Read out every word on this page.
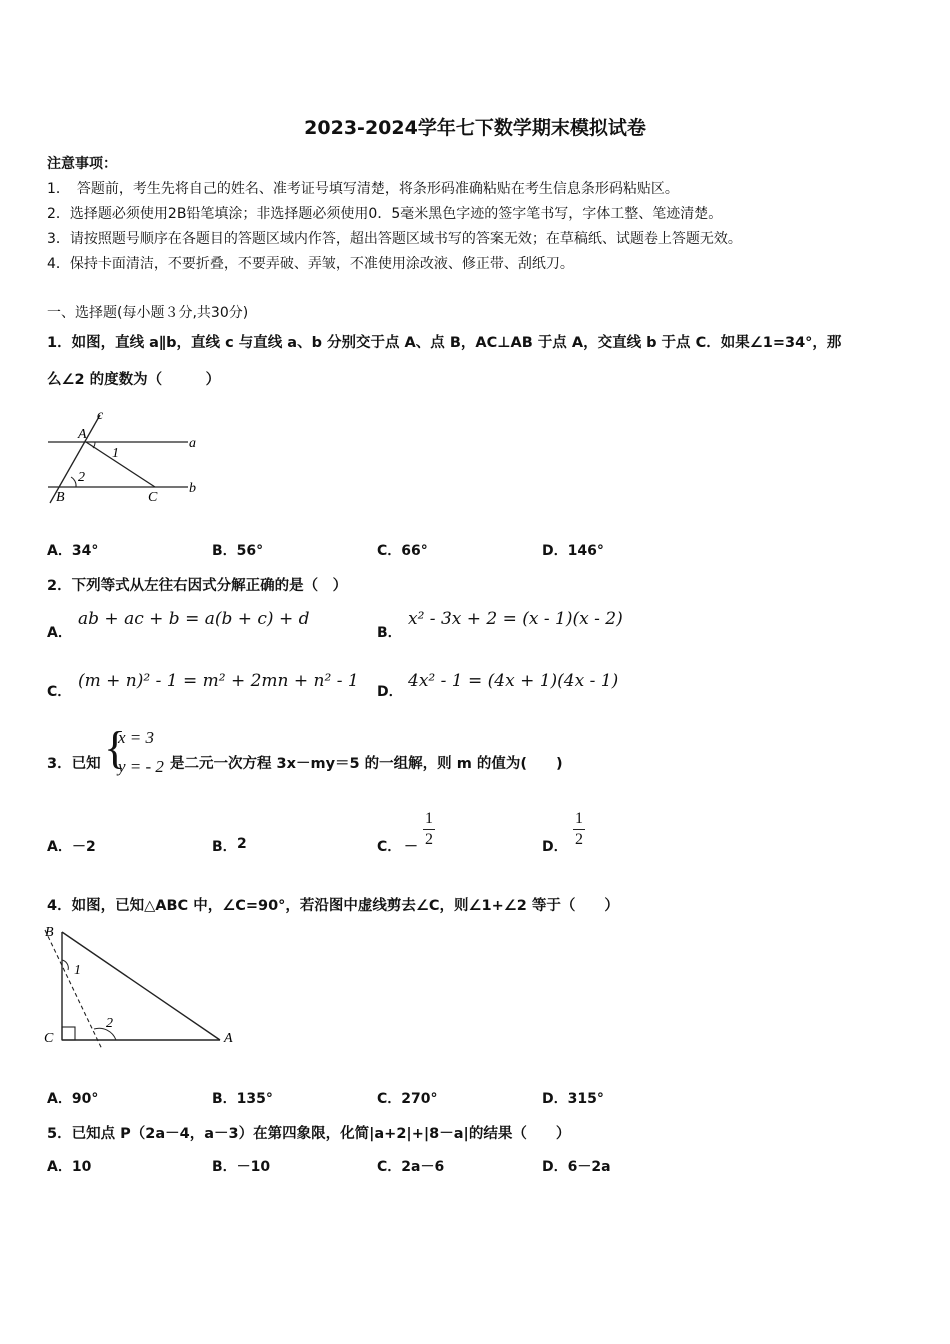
2023-2024学年七下数学期末模拟试卷
注意事项：
1．　答题前，考生先将自己的姓名、准考证号填写清楚，将条形码准确粘贴在考生信息条形码粘贴区。
2．选择题必须使用2B铅笔填涂；非选择题必须使用0．5毫米黑色字迹的签字笔书写，字体工整、笔迹清楚。
3．请按照题号顺序在各题目的答题区域内作答，超出答题区域书写的答案无效；在草稿纸、试题卷上答题无效。
4．保持卡面清洁，不要折叠，不要弄破、弄皱，不准使用涂改液、修正带、刮纸刀。
一、选择题(每小题３分,共30分)
1．如图，直线 a∥b，直线 c 与直线 a、b 分别交于点 A、点 B，AC⊥AB 于点 A，交直线 b 于点 C．如果∠1=34°，那
么∠2 的度数为（　　　）
c
A
a
1
2
B	C
b
A．34°	B．56°	C．66°	D．146°
2．下列等式从左往右因式分解正确的是（　）
A．
ab + ac + b = a(b + c) + d
B．
x² - 3x + 2 = (x - 1)(x - 2)
C．
(m + n)² - 1 = m² + 2mn + n² - 1
D．
4x² - 1 = (4x + 1)(4x - 1)
3．已知 {
x = 3
y = - 2 是二元一次方程 3x－my＝5 的一组解，则 m 的值为(　　)
A． －2	B． 2	C． －
1
2	D．
1
2
4．如图，已知△ABC 中，∠C=90°，若沿图中虚线剪去∠C，则∠1+∠2 等于（　　）
B
1
2
C	A
A．90°	B．135°	C．270°	D．315°
5．已知点 P（2a－4，a－3）在第四象限，化简|a+2|+|8－a|的结果（　　）
A．10	B．－10	C．2a－6	D．6－2a
